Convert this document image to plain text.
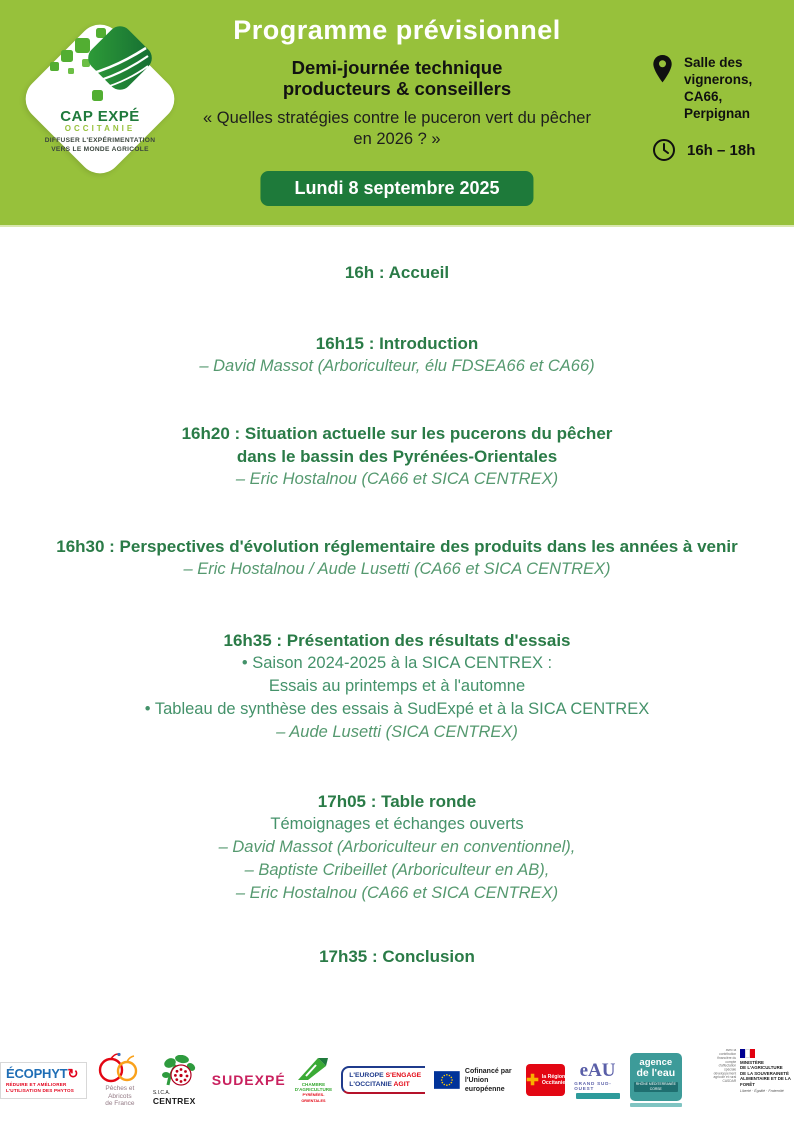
CAP EXPÉ
OCCITANIE
DIFFUSER L'EXPÉRIMENTATION
VERS LE MONDE AGRICOLE
Programme prévisionnel
Demi-journée technique
producteurs & conseillers
« Quelles stratégies contre le puceron vert du pêcher
en 2026 ? »
Lundi 8 septembre 2025
Salle des
vignerons,
CA66,
Perpignan
16h – 18h
16h : Accueil
16h15 : Introduction
– David Massot (Arboriculteur, élu FDSEA66 et CA66)
16h20 : Situation actuelle sur les pucerons du pêcher
dans le bassin des Pyrénées-Orientales
– Eric Hostalnou (CA66 et SICA CENTREX)
16h30 : Perspectives d'évolution réglementaire des produits dans les années à venir
– Eric Hostalnou / Aude Lusetti (CA66 et SICA CENTREX)
16h35 : Présentation des résultats d'essais
• Saison 2024-2025 à la SICA CENTREX :
Essais au printemps et à l'automne
• Tableau de synthèse des essais à SudExpé et à la SICA CENTREX
– Aude Lusetti (SICA CENTREX)
17h05 : Table ronde
Témoignages et échanges ouverts
– David Massot (Arboriculteur en conventionnel),
– Baptiste Cribeillet (Arboriculteur en AB),
– Eric Hostalnou (CA66 et SICA CENTREX)
17h35 : Conclusion
ÉCOPHYT↻
RÉDUIRE ET AMÉLIORER
L'UTILISATION DES PHYTOS	Pêches et Abricots
de France
S.I.C.A. CENTREX
SUDEXPÉ	CHAMBRE
D'AGRICULTURE
PYRÉNÉES-ORIENTALES
L'EUROPE S'ENGAGE
L'OCCITANIE AGIT
Cofinancé par
l'Union européenne
✚ la Région
Occitanie
eAU
GRAND SUD-OUEST
agence
de l'eau
RHÔNE MÉDITERRANÉE CORSE
avec la contribution financière du compte d'affectation spéciale développement agricole et rural CASDAR
MINISTÈRE
DE L'AGRICULTURE
DE LA SOUVERAINETÉ
ALIMENTAIRE ET DE LA FORÊT
Liberté · Égalité · Fraternité
